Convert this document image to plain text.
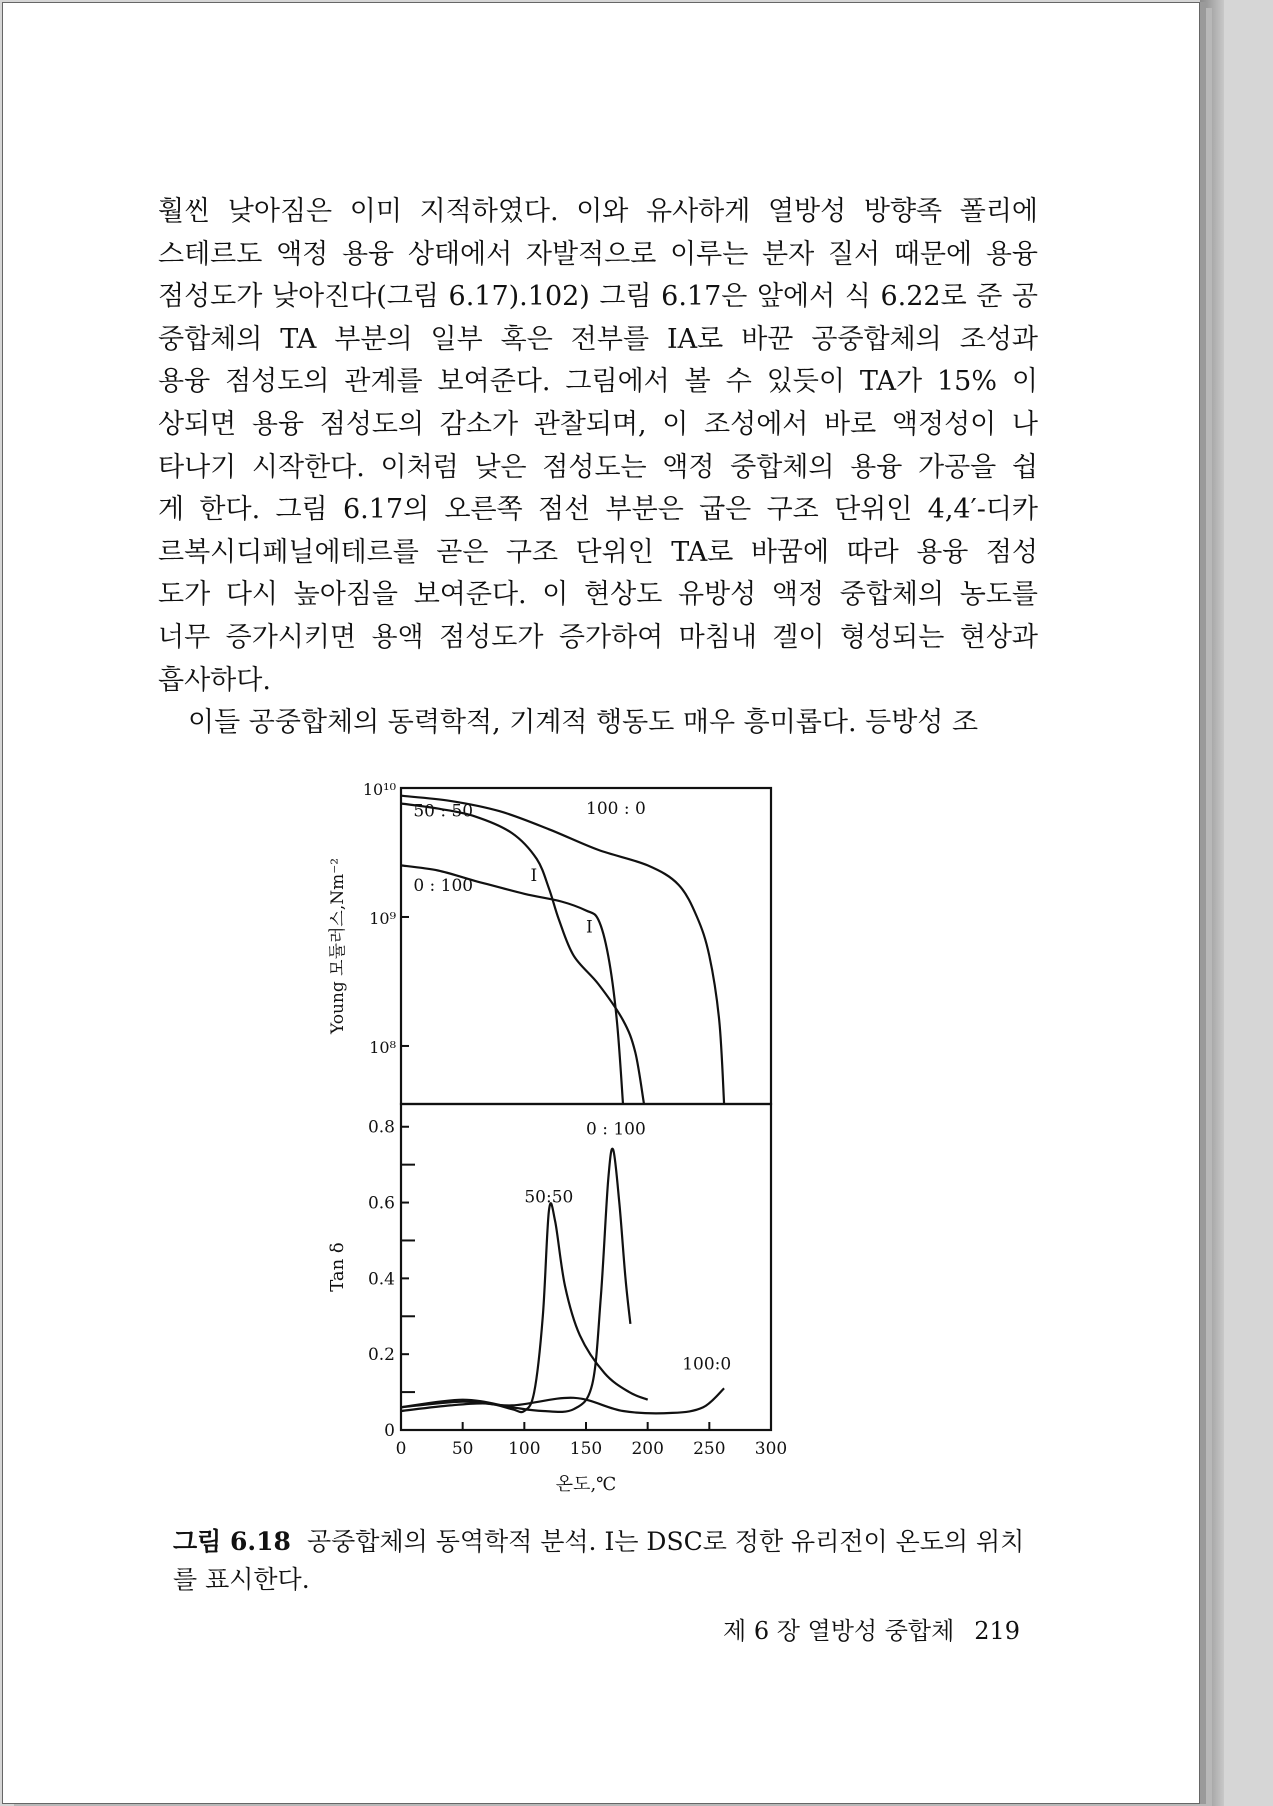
훨씬 낮아짐은 이미 지적하였다. 이와 유사하게 열방성 방향족 폴리에

스테르도 액정 용융 상태에서 자발적으로 이루는 분자 질서 때문에 용융

점성도가 낮아진다(그림 6.17).102) 그림 6.17은 앞에서 식 6.22로 준 공

중합체의 TA 부분의 일부 혹은 전부를 IA로 바꾼 공중합체의 조성과

용융 점성도의 관계를 보여준다. 그림에서 볼 수 있듯이 TA가 15% 이

상되면 용융 점성도의 감소가 관찰되며, 이 조성에서 바로 액정성이 나

타나기 시작한다. 이처럼 낮은 점성도는 액정 중합체의 용융 가공을 쉽

게 한다. 그림 6.17의 오른쪽 점선 부분은 굽은 구조 단위인 4,4′-디카

르복시디페닐에테르를 곧은 구조 단위인 TA로 바꿈에 따라 용융 점성

도가 다시 높아짐을 보여준다. 이 현상도 유방성 액정 중합체의 농도를

너무 증가시키면 용액 점성도가 증가하여 마침내 겔이 형성되는 현상과

흡사하다.

이들 공중합체의 동력학적, 기계적 행동도 매우 흥미롭다. 등방성 조

10¹⁰
10⁹
10⁸
0
0.2
0.4
0.6
0.8
0	50 100 150 200 250 300
온도,℃
Young 모듈러스,Nm⁻²
Tan δ
50 : 50	100 : 0
0 : 100
I
I
50:50
0 : 100
100:0
그림 6.18 공중합체의 동역학적 분석. I는 DSC로 정한 유리전이 온도의 위치를 표시한다.
제 6 장 열방성 중합체 219
